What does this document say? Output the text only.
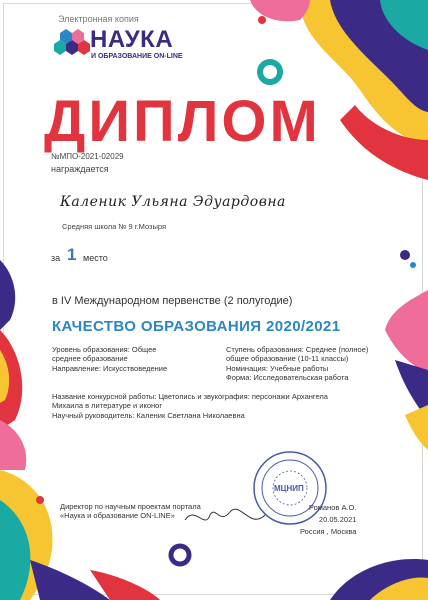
Электронная копия
НАУКА
И ОБРАЗОВАНИЕ ON-LINE
ДИПЛОМ
№МПО-2021-02029
награждается
Каленик Ульяна Эдуардовна
Средняя школа № 9 г.Мозыря
за 1 место
в IV Международном первенстве (2 полугодие)
КАЧЕСТВО ОБРАЗОВАНИЯ 2020/2021
Уровень образования: Общее
среднее образование
Направление: Искусствоведение
Ступень образования: Среднее (полное)
общее образование (10-11 классы)
Номинация: Учебные работы
Форма: Исследовательская работа
Название конкурсной работы: Цветопись и звукография: персонажи Архангела
Михаила в литературе и иконог
Научный руководитель: Каленик Светлана Николаевна
Директор по научным проектам портала
«Наука и образование ON-LINE»
МЦНИП
Романов А.О.
20.05.2021
Россия , Москва
